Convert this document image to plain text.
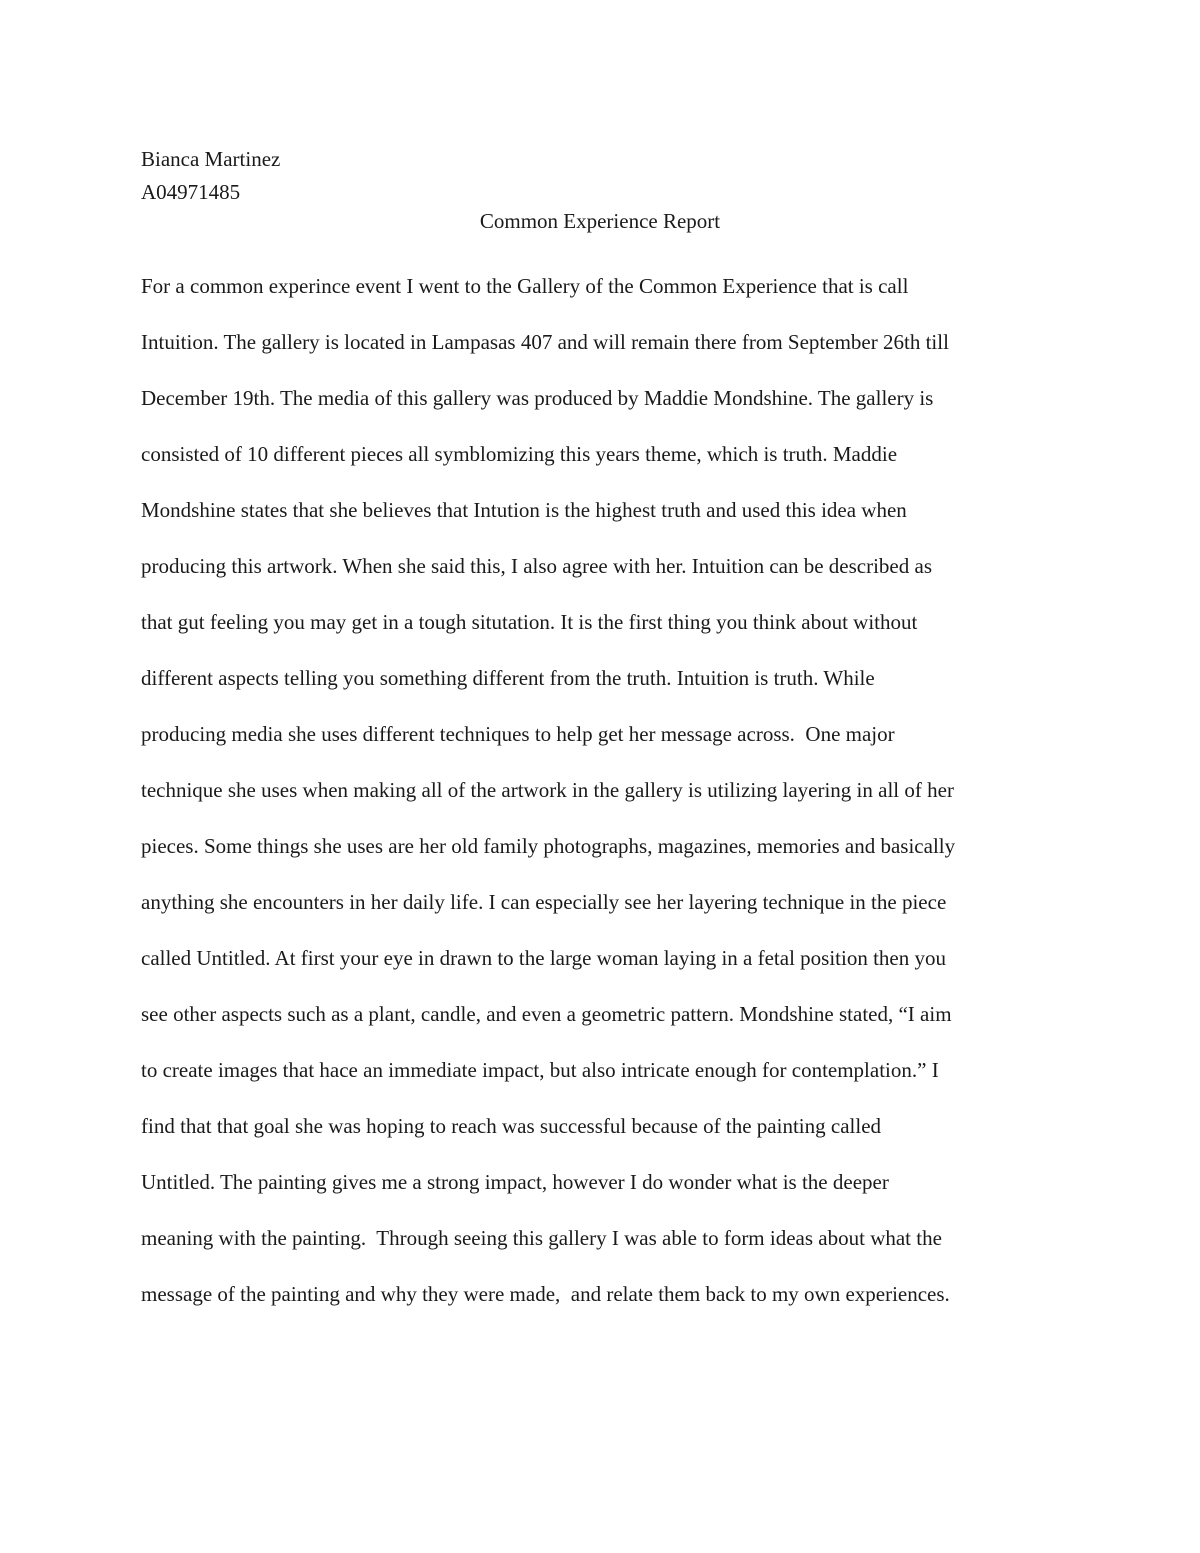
Bianca Martinez
A04971485
Common Experience Report
For a common experince event I went to the Gallery of the Common Experience that is call
Intuition. The gallery is located in Lampasas 407 and will remain there from September 26th till
December 19th. The media of this gallery was produced by Maddie Mondshine. The gallery is
consisted of 10 different pieces all symblomizing this years theme, which is truth. Maddie
Mondshine states that she believes that Intution is the highest truth and used this idea when
producing this artwork. When she said this, I also agree with her. Intuition can be described as
that gut feeling you may get in a tough situtation. It is the first thing you think about without
different aspects telling you something different from the truth. Intuition is truth. While
producing media she uses different techniques to help get her message across.  One major
technique she uses when making all of the artwork in the gallery is utilizing layering in all of her
pieces. Some things she uses are her old family photographs, magazines, memories and basically
anything she encounters in her daily life. I can especially see her layering technique in the piece
called Untitled. At first your eye in drawn to the large woman laying in a fetal position then you
see other aspects such as a plant, candle, and even a geometric pattern. Mondshine stated, “I aim
to create images that hace an immediate impact, but also intricate enough for contemplation.” I
find that that goal she was hoping to reach was successful because of the painting called
Untitled. The painting gives me a strong impact, however I do wonder what is the deeper
meaning with the painting.  Through seeing this gallery I was able to form ideas about what the
message of the painting and why they were made,  and relate them back to my own experiences.
